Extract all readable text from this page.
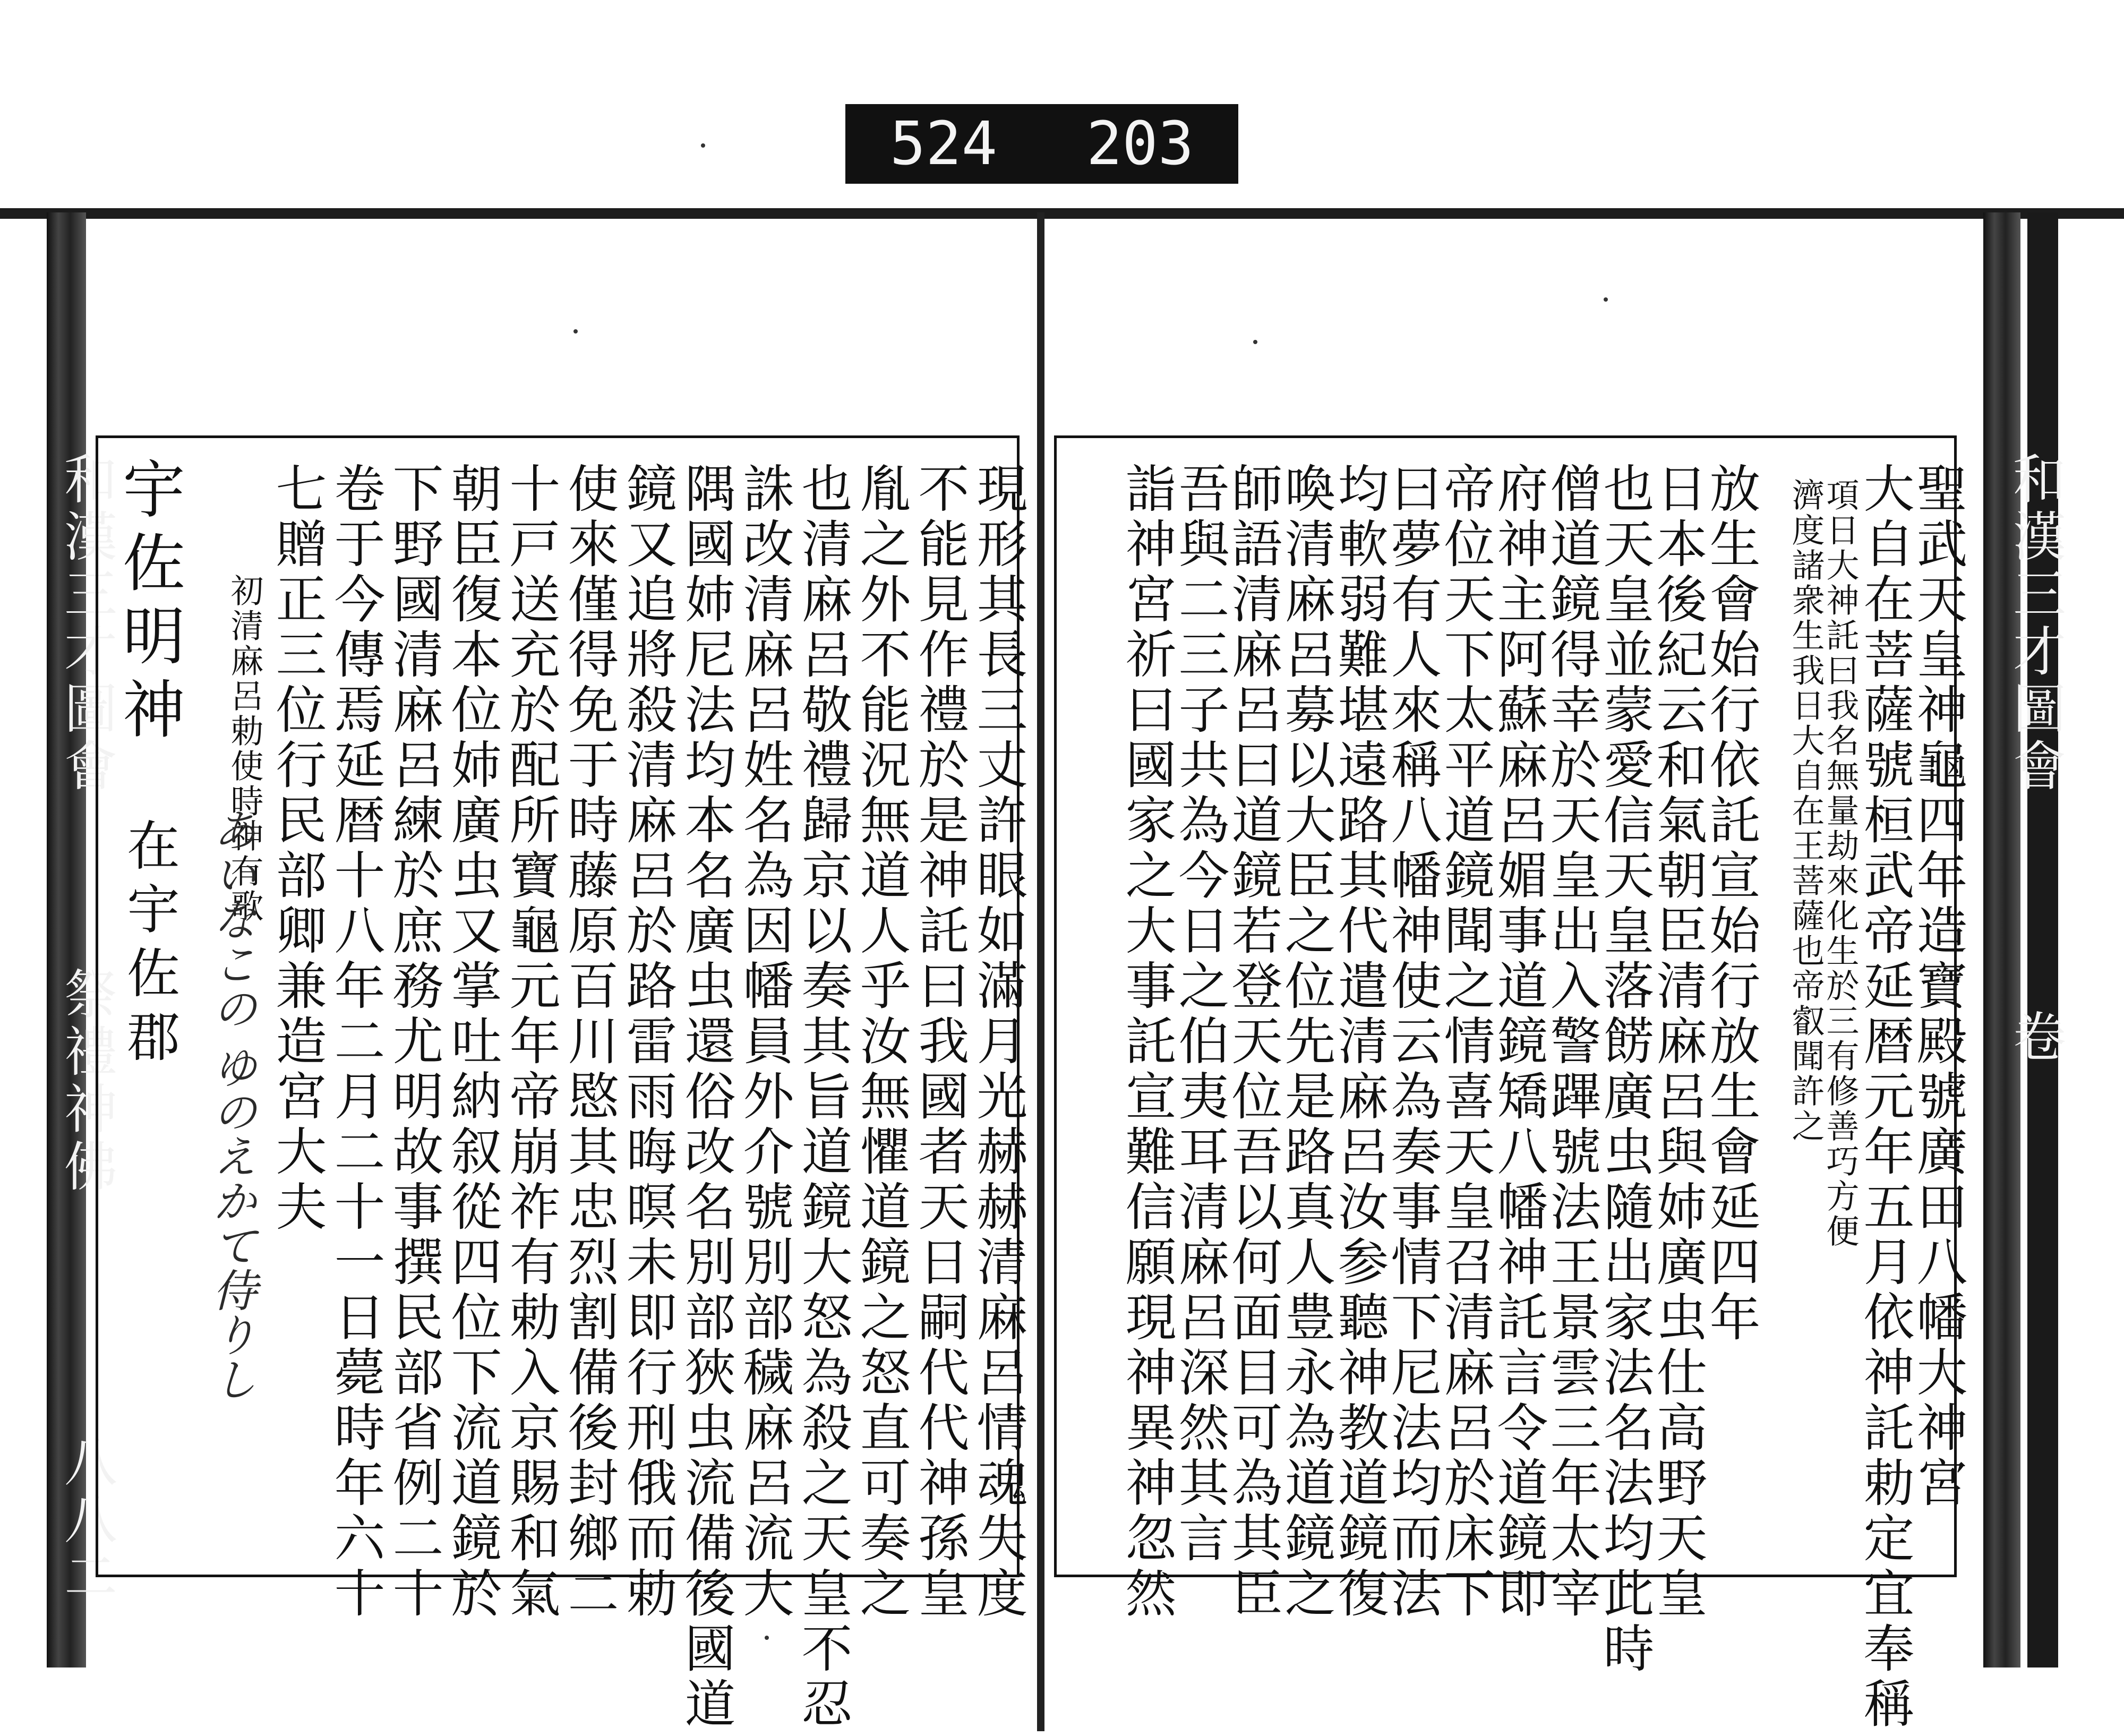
524 203
和漢三才圖會
祭禮神佛
八八二
和漢三才圖會
卷
宇佐明神
在宇佐郡
初清麻呂勅使時神有歌
あいなこの ゆのえかて侍りし	現形其長三丈許眼如滿月光赫赫清麻呂情魂失度
不能見作禮於是神託曰我國者天日嗣代代神孫皇
胤之外不能況無道人乎汝無懼道鏡之怒直可奏之
也清麻呂敬禮歸京以奏其旨道鏡大怒為殺之天皇不忍
誅改清麻呂姓名為因幡員外介號別部穢麻呂流大
隅國姉尼法均本名廣虫還俗改名別部狹虫流備後國道
鏡又追將殺清麻呂於路雷雨晦暝未即行刑俄而勅
使來僅得免于時藤原百川愍其忠烈割備後封鄉二
十戸送充於配所寶龜元年帝崩祚有勅入京賜和氣
朝臣復本位姉廣虫又掌吐納叙從四位下流道鏡於
下野國清麻呂練於庶務尤明故事撰民部省例二十
卷于今傳焉延暦十八年二月二十一日薨時年六十
七贈正三位行民部卿兼造宮大夫	聖武天皇神龜四年造寶殿號廣田八幡大神宮
大自在菩薩號桓武帝延暦元年五月依神託勅定宜奉稱
項日大神託曰我名無量劫來化生於三有修善巧方便
濟度諸衆生我日大自在王菩薩也帝叡聞許之
放生會始行依託宣始行放生會延四年
日本後紀云和氣朝臣清麻呂與姉廣虫仕高野天皇
也天皇並蒙愛信天皇落餝廣虫隨出家法名法均此時
僧道鏡得幸於天皇出入警蹕號法王景雲三年太宰
府神主阿蘇麻呂媚事道鏡矯八幡神託言令道鏡即
帝位天下太平道鏡聞之情喜天皇召清麻呂於床下
曰夢有人來稱八幡神使云為奏事情下尼法均而法
均軟弱難堪遠路其代遣清麻呂汝参聽神教道鏡復
喚清麻呂募以大臣之位先是路真人豊永為道鏡之
師語清麻呂曰道鏡若登天位吾以何面目可為其臣
吾與二三子共為今日之伯夷耳清麻呂深然其言
詣神宮祈曰國家之大事託宣難信願現神異神忽然
